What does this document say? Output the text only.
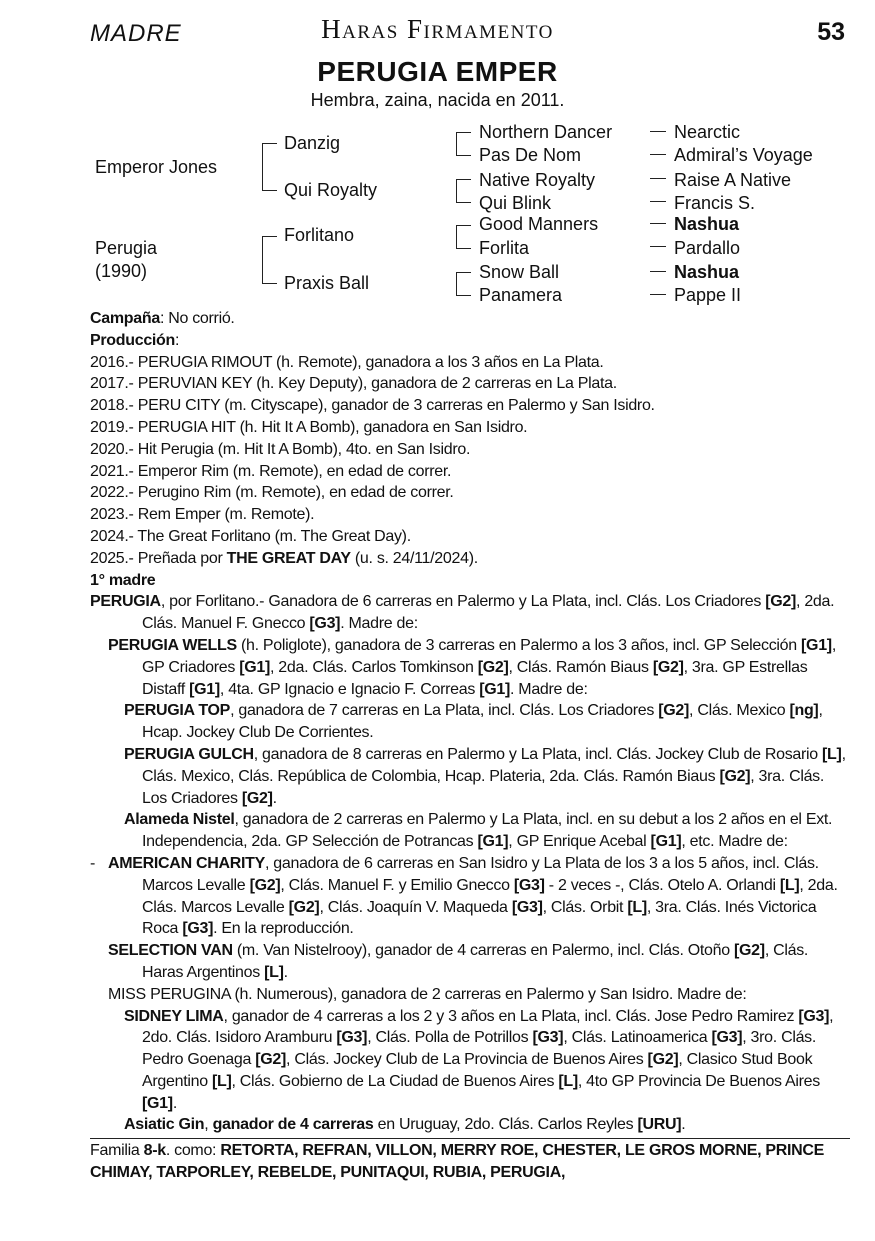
MADRE	Haras Firmamento	53
PERUGIA EMPER
Hembra, zaina, nacida en 2011.
Emperor Jones
Perugia
(1990)
Danzig
Qui Royalty
Forlitano
Praxis Ball
Northern Dancer
Pas De Nom
Native Royalty
Qui Blink
Good Manners
Forlita
Snow Ball
Panamera
Nearctic
Admiral’s Voyage
Raise A Native
Francis S.
Nashua
Pardallo
Nashua
Pappe II

Campaña: No corrió.

Producción:

2016.- PERUGIA RIMOUT (h. Remote), ganadora a los 3 años en La Plata.

2017.- PERUVIAN KEY (h. Key Deputy), ganadora de 2 carreras en La Plata.

2018.- PERU CITY (m. Cityscape), ganador de 3 carreras en Palermo y San Isidro.

2019.- PERUGIA HIT (h. Hit It A Bomb), ganadora en San Isidro.

2020.- Hit Perugia (m. Hit It A Bomb), 4to. en San Isidro.

2021.- Emperor Rim (m. Remote), en edad de correr.

2022.- Perugino Rim (m. Remote), en edad de correr.

2023.- Rem Emper (m. Remote).

2024.- The Great Forlitano (m. The Great Day).

2025.- Preñada por THE GREAT DAY (u. s. 24/11/2024).

1° madre

PERUGIA, por Forlitano.- Ganadora de 6 carreras en Palermo y La Plata, incl. Clás. Los Criadores [G2], 2da. Clás. Manuel F. Gnecco [G3]. Madre de:

PERUGIA WELLS (h. Poliglote), ganadora de 3 carreras en Palermo a los 3 años, incl. GP Selección [G1], GP Criadores [G1], 2da. Clás. Carlos Tomkinson [G2], Clás. Ramón Biaus [G2], 3ra. GP Estrellas Distaff [G1], 4ta. GP Ignacio e Ignacio F. Correas [G1]. Madre de:

PERUGIA TOP, ganadora de 7 carreras en La Plata, incl. Clás. Los Criadores [G2], Clás. Mexico [ng], Hcap. Jockey Club De Corrientes.

PERUGIA GULCH, ganadora de 8 carreras en Palermo y La Plata, incl. Clás. Jockey Club de Rosario [L], Clás. Mexico, Clás. República de Colombia, Hcap. Plateria, 2da. Clás. Ramón Biaus [G2], 3ra. Clás. Los Criadores [G2].

Alameda Nistel, ganadora de 2 carreras en Palermo y La Plata, incl. en su debut a los 2 años en el Ext. Independencia, 2da. GP Selección de Potrancas [G1], GP Enrique Acebal [G1], etc. Madre de:

- AMERICAN CHARITY, ganadora de 6 carreras en San Isidro y La Plata de los 3 a los 5 años, incl. Clás. Marcos Levalle [G2], Clás. Manuel F. y Emilio Gnecco [G3] - 2 veces -, Clás. Otelo A. Orlandi [L], 2da. Clás. Marcos Levalle [G2], Clás. Joaquín V. Maqueda [G3], Clás. Orbit [L], 3ra. Clás. Inés Victorica Roca [G3]. En la reproducción.

SELECTION VAN (m. Van Nistelrooy), ganador de 4 carreras en Palermo, incl. Clás. Otoño [G2], Clás. Haras Argentinos [L].

MISS PERUGINA (h. Numerous), ganadora de 2 carreras en Palermo y San Isidro. Madre de:

SIDNEY LIMA, ganador de 4 carreras a los 2 y 3 años en La Plata, incl. Clás. Jose Pedro Ramirez [G3], 2do. Clás. Isidoro Aramburu [G3], Clás. Polla de Potrillos [G3], Clás. Latinoamerica [G3], 3ro. Clás. Pedro Goenaga [G2], Clás. Jockey Club de La Provincia de Buenos Aires [G2], Clasico Stud Book Argentino [L], Clás. Gobierno de La Ciudad de Buenos Aires [L], 4to GP Provincia De Buenos Aires [G1].

Asiatic Gin, ganador de 4 carreras en Uruguay, 2do. Clás. Carlos Reyles [URU].

Familia 8-k. como: RETORTA, REFRAN, VILLON, MERRY ROE, CHESTER, LE GROS MORNE, PRINCE CHIMAY, TARPORLEY, REBELDE, PUNITAQUI, RUBIA, PERUGIA,
